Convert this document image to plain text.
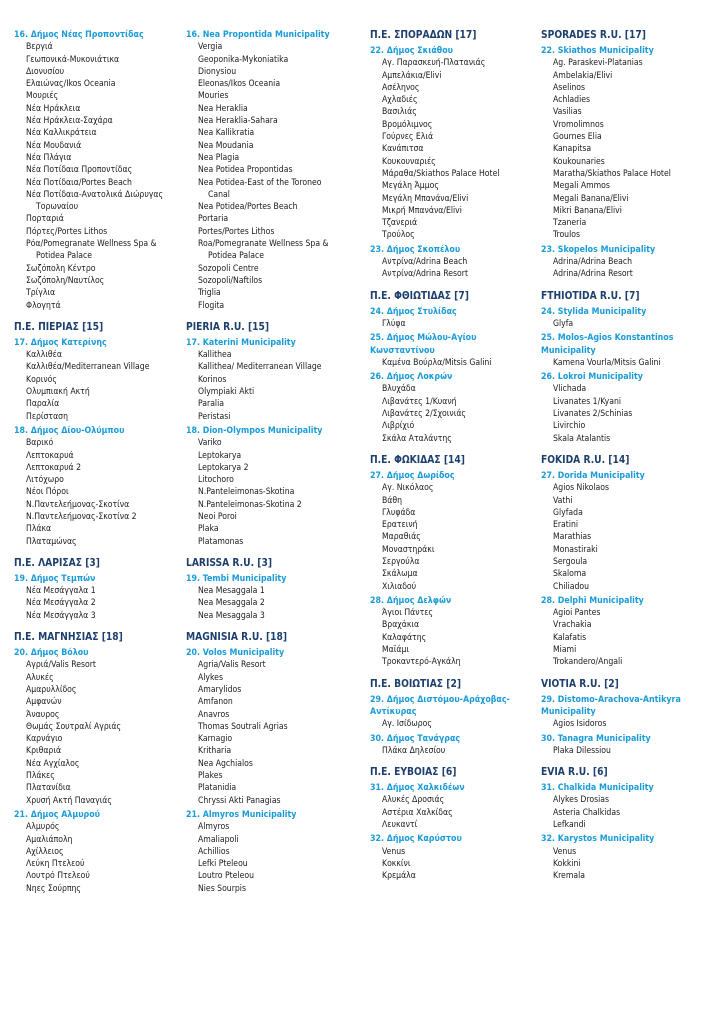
16. Δήμος Νέας Προποντίδας
Βεργιά
Γεωπονικά-Μυκονιάτικα
Διονυσίου
Ελαιώνας/Ikos Oceania
Μουριές
Νέα Ηράκλεια
Νέα Ηράκλεια-Σαχάρα
Νέα Καλλικράτεια
Νέα Μουδανιά
Νέα Πλάγια
Νέα Ποτίδαια Προποντίδας
Νέα Ποτίδαια/Portes Beach
Νέα Ποτίδαια-Ανατολικά Διώρυγας
Τορωναίου
Πορταριά
Πόρτες/Portes Lithos
Ρόα/Pomegranate Wellness Spa &
Potidea Palace
Σωζόπολη Κέντρο
Σωζόπολη/Ναυτίλος
Τρίγλια
Φλογητά
Π.Ε. ΠΙΕΡΙΑΣ [15]
17. Δήμος Κατερίνης
Καλλιθέα
Καλλιθέα/Mediterranean Village
Κορινός
Ολυμπιακή Ακτή
Παραλία
Περίσταση
18. Δήμος Δίου-Ολύμπου
Βαρικό
Λεπτοκαρυά
Λεπτοκαρυά 2
Λιτόχωρο
Νέοι Πόροι
Ν.Παντελεήμονας-Σκοτίνα
Ν.Παντελεήμονας-Σκοτίνα 2
Πλάκα
Πλαταμώνας
Π.Ε. ΛΑΡΙΣΑΣ [3]
19. Δήμος Τεμπών
Νέα Μεσάγγαλα 1
Νέα Μεσάγγαλα 2
Νέα Μεσάγγαλα 3
Π.Ε. ΜΑΓΝΗΣΙΑΣ [18]
20. Δήμος Βόλου
Αγριά/Valis Resort
Αλυκές
Αμαρυλλίδος
Αμφανών
Άναυρος
Θωμάς Σουτραλί Αγριάς
Καρνάγιο
Κριθαριά
Νέα Αγχίαλος
Πλάκες
Πλατανίδια
Χρυσή Ακτή Παναγιάς
21. Δήμος Αλμυρού
Αλμυρός
Αμαλιάπολη
Αχίλλειος
Λεύκη Πτελεού
Λουτρό Πτελεού
Νηες Σούρπης
16. Nea Propontida Municipality
Vergia
Geoponika-Mykoniatika
Dionysiou
Eleonas/Ikos Oceania
Mouries
Nea Heraklia
Nea Heraklia-Sahara
Nea Kallikratia
Nea Moudania
Nea Plagia
Nea Potidea Propontidas
Nea Potidea-East of the Toroneo
Canal
Nea Potidea/Portes Beach
Portaria
Portes/Portes Lithos
Roa/Pomegranate Wellness Spa &
Potidea Palace
Sozopoli Centre
Sozopoli/Naftilos
Triglia
Flogita
PIERIA R.U. [15]
17. Katerini Municipality
Kallithea
Kallithea/ Mediterranean Village
Korinos
Olympiaki Akti
Paralia
Peristasi
18. Dion-Olympos Municipality
Variko
Leptokarya
Leptokarya 2
Litochoro
N.Panteleimonas-Skotina
N.Panteleimonas-Skotina 2
Neoi Poroi
Plaka
Platamonas
LARISSA R.U. [3]
19. Tembi Municipality
Nea Mesaggala 1
Nea Mesaggala 2
Nea Mesaggala 3
MAGNISIA R.U. [18]
20. Volos Municipality
Agria/Valis Resort
Alykes
Amarylidos
Amfanon
Anavros
Thomas Soutrali Agrias
Karnagio
Kritharia
Nea Agchialos
Plakes
Platanidia
Chryssi Akti Panagias
21. Almyros Municipality
Almyros
Amaliapoli
Achillios
Lefki Pteleou
Loutro Pteleou
Nies Sourpis
Π.Ε. ΣΠΟΡΑΔΩΝ [17]
22. Δήμος Σκιάθου
Αγ. Παρασκευή-Πλατανιάς
Αμπελάκια/Elivi
Ασέληνος
Αχλαδιές
Βασιλιάς
Βρομόλιμνος
Γούρνες Ελιά
Κανάπιτσα
Κουκουναριές
Μάραθα/Skiathos Palace Hotel
Μεγάλη Άμμος
Μεγάλη Μπανάνα/Elivi
Μικρή Μπανάνα/Elivi
Τζανεριά
Τρούλος
23. Δήμος Σκοπέλου
Αντρίνα/Adrina Beach
Αντρίνα/Adrina Resort
Π.Ε. ΦΘΙΩΤΙΔΑΣ [7]
24. Δήμος Στυλίδας
Γλύφα
25. Δήμος Μώλου-Αγίου Κωνσταντίνου
Καμένα Βούρλα/Mitsis Galini
26. Δήμος Λοκρών
Βλυχάδα
Λιβανάτες 1/Κυανή
Λιβανάτες 2/Σχοινιάς
Λιβρίχιό
Σκάλα Αταλάντης
Π.Ε. ΦΩΚΙΔΑΣ [14]
27. Δήμος Δωρίδος
Αγ. Νικόλαος
Βάθη
Γλυφάδα
Ερατεινή
Μαραθιάς
Μοναστηράκι
Σεργούλα
Σκάλωμα
Χιλιαδού
28. Δήμος Δελφών
Άγιοι Πάντες
Βραχάκια
Καλαφάτης
Μαϊάμι
Τροκαντερό-Αγκάλη
Π.Ε. ΒΟΙΩΤΙΑΣ [2]
29. Δήμος Διστόμου-Αράχοβας-Αντίκυρας
Αγ. Ισίδωρος
30. Δήμος Τανάγρας
Πλάκα Δηλεσίου
Π.Ε. ΕΥΒΟΙΑΣ [6]
31. Δήμος Χαλκιδέων
Αλυκές Δροσιάς
Αστέρια Χαλκίδας
Λευκαντί
32. Δήμος Καρύστου
Venus
Κοκκίνι
Κρεμάλα
SPORADES R.U. [17]
22. Skiathos Municipality
Ag. Paraskevi-Platanias
Ambelakia/Elivi
Aselinos
Achladies
Vasilias
Vromolimnos
Gournes Elia
Kanapitsa
Koukounaries
Maratha/Skiathos Palace Hotel
Megali Ammos
Megali Banana/Elivi
Mikri Banana/Elivi
Tzaneria
Troulos
23. Skopelos Municipality
Adrina/Adrina Beach
Adrina/Adrina Resort
FTHIOTIDA R.U. [7]
24. Stylida Municipality
Glyfa
25. Molos-Agios Konstantinos Municipality
Kamena Vourla/Mitsis Galini
26. Lokroi Municipality
Vlichada
Livanates 1/Kyani
Livanates 2/Schinias
Livirchio
Skala Atalantis
FOKIDA R.U. [14]
27. Dorida Municipality
Agios Nikolaos
Vathi
Glyfada
Eratini
Marathias
Monastiraki
Sergoula
Skaloma
Chiliadou
28. Delphi Municipality
Agioi Pantes
Vrachakia
Kalafatis
Miami
Trokandero/Angali
VIOTIA R.U. [2]
29. Distomo-Arachova-Antikyra Municipality
Agios Isidoros
30. Tanagra Municipality
Plaka Dilessiou
EVIA R.U. [6]
31. Chalkida Municipality
Alykes Drosias
Asteria Chalkidas
Lefkandi
32. Karystos Municipality
Venus
Kokkini
Kremala
